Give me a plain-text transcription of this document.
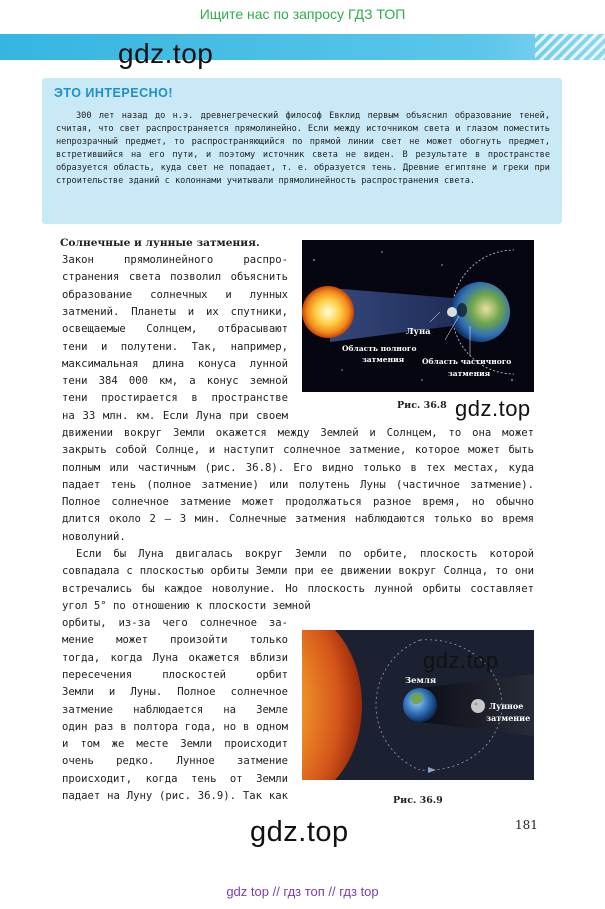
Ищите нас по запросу ГДЗ ТОП
gdz.top
ЭТО ИНТЕРЕСНО!
300 лет назад до н.э. древнегреческий философ Евклид первым объяснил образование теней, считая, что свет распространяется прямолинейно. Если между источником света и глазом поместить непрозрачный предмет, то распространяющийся по прямой линии свет не может обогнуть предмет, встретившийся на его пути, и поэтому источник света не виден. В результате в пространстве образуется область, куда свет не попадает, т. е. образуется тень. Древние египтяне и греки при строительстве зданий с колоннами учитывали прямолинейность распространения света.
Солнечные и лунные затмения.
Закон прямолинейного распро-
странения света позволил объяснить
образование солнечных и лунных
затмений. Планеты и их спутники,
освещаемые Солнцем, отбрасывают
тени и полутени. Так, например,
максимальная длина конуса лунной
тени 384 000 км, а конус земной
тени простирается в пространстве
на 33 млн. км. Если Луна при своем
движении вокруг Земли окажется между Землей и Солнцем, то она может закрыть собой Солнце, и наступит солнечное затмение, которое может быть полным или частичным (рис. 36.8). Его видно только в тех местах, куда падает тень (полное затмение) или полутень Луны (частичное затмение). Полное солнечное затмение может продолжаться разное время, но обычно длится около 2 — 3 мин. Солнечные затмения наблюдаются только во время новолуний.
Если бы Луна двигалась вокруг Земли по орбите, плоскость которой совпадала с плоскостью орбиты Земли при ее движении вокруг Солнца, то они встречались бы каждое новолуние. Но плоскость лунной орбиты составляет угол 5° по отношению к плоскости земной
орбиты, из-за чего солнечное за-
мение может произойти только
тогда, когда Луна окажется вблизи
пересечения плоскостей орбит
Земли и Луны. Полное солнечное
затмение наблюдается на Земле
один раз в полтора года, но в одном
и том же месте Земли происходит
очень редко. Лунное затмение
происходит, когда тень от Земли
падает на Луну (рис. 36.9). Так как
Луна
Область полного
затмения Область частичного
затмения
Рис. 36.8 gdz.top
Земля
Лунное
затмение
gdz.top
Рис. 36.9
181
gdz.top
gdz top // гдз топ // гдз top
